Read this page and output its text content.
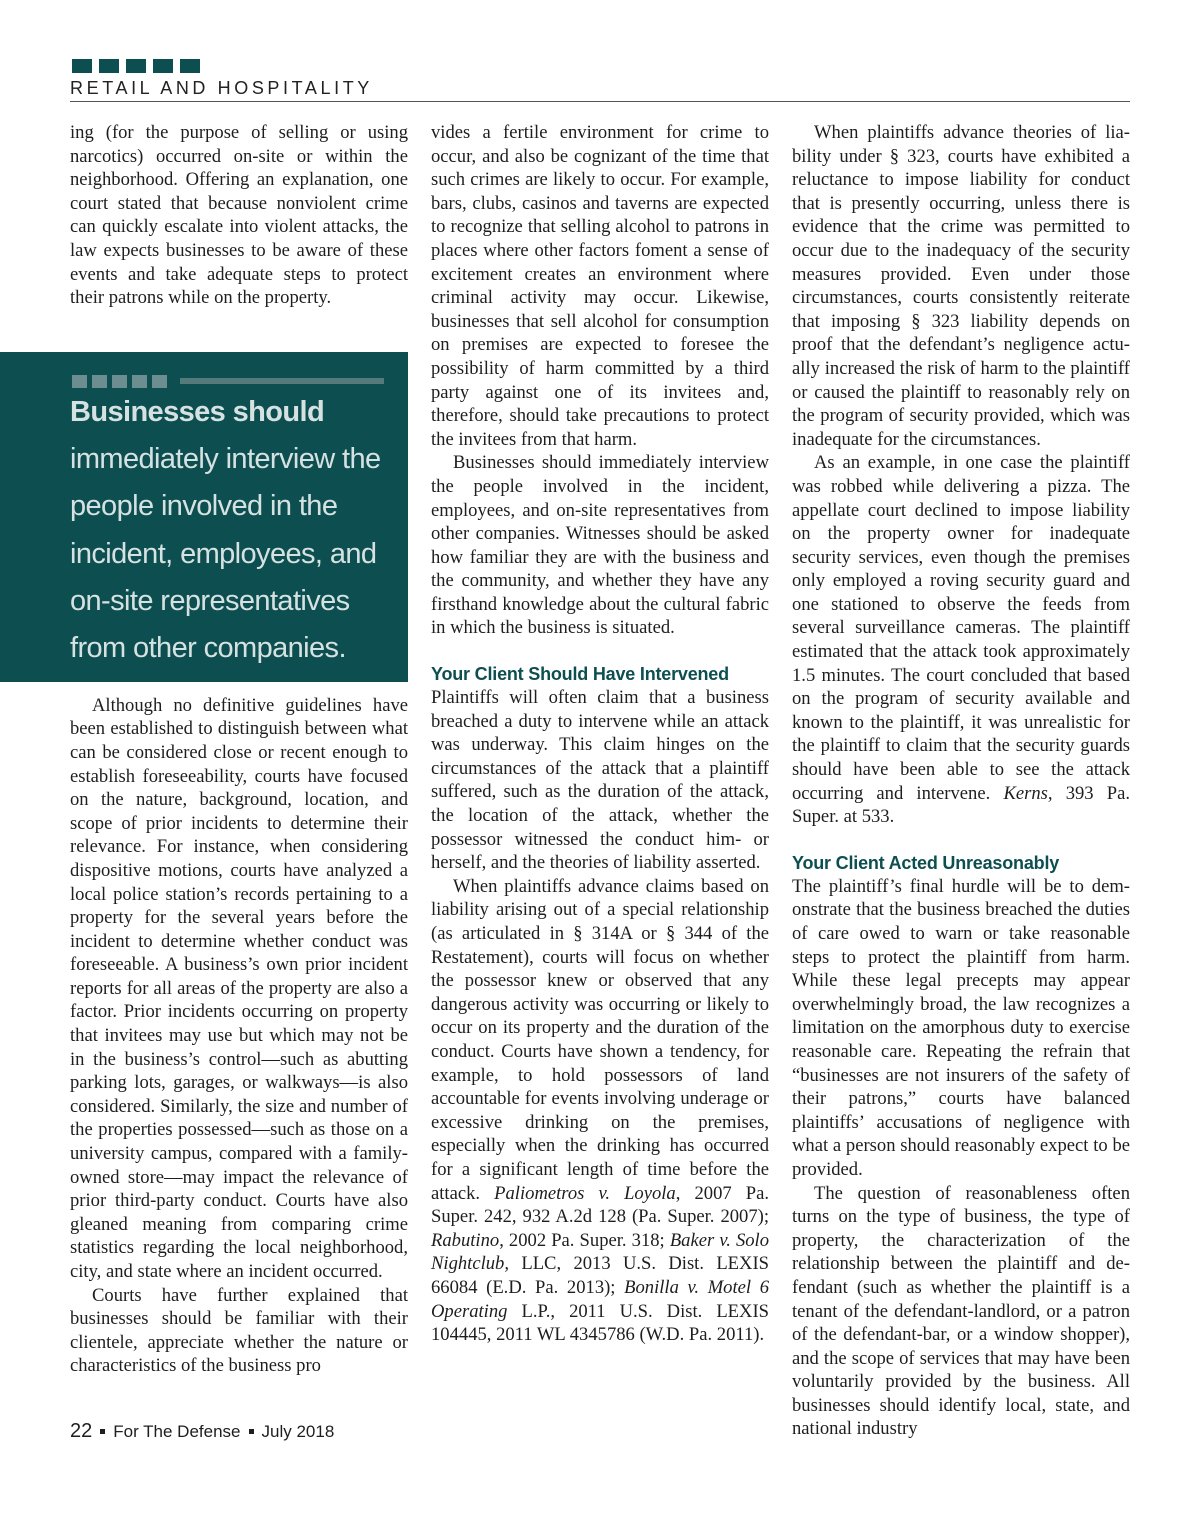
RETAIL AND HOSPITALITY

ing (for the purpose of selling or using narcotics) occurred on-site or within the neighborhood. Offering an explanation, one court stated that because nonviolent crime can quickly escalate into violent attacks, the law expects businesses to be aware of these events and take adequate steps to protect their patrons while on the property.

Although no definitive guidelines have been established to distinguish between what can be considered close or recent enough to establish foreseeability, courts have focused on the nature, background, location, and scope of prior incidents to determine their relevance. For instance, when considering dispositive motions, courts have analyzed a local police station’s records pertaining to a property for the several years before the incident to determine whether conduct was foreseeable. A business’s own prior incident reports for all areas of the property are also a factor. Prior incidents occurring on property that invitees may use but which may not be in the business’s control—such as abutting parking lots, garages, or walkways—is also considered. Similarly, the size and number of the properties possessed—such as those on a university campus, compared with a family-owned store—may impact the relevance of prior third-party conduct. Courts have also gleaned meaning from comparing crime statistics regarding the local neighborhood, city, and state where an incident occurred.

Courts have further explained that businesses should be familiar with their clientele, appreciate whether the nature or characteristics of the business pro

Businesses should
immediately interview the people involved in the incident, employees, and on-site representatives from other companies.

vides a fertile environment for crime to occur, and also be cognizant of the time that such crimes are likely to occur. For example, bars, clubs, casinos and taverns are expected to recognize that selling alcohol to patrons in places where other factors foment a sense of excitement creates an environment where criminal activity may occur. Likewise, businesses that sell alcohol for consumption on premises are expected to foresee the possibility of harm committed by a third party against one of its invitees and, therefore, should take precautions to protect the invitees from that harm.

Businesses should immediately interview the people involved in the incident, employees, and on-site representatives from other companies. Witnesses should be asked how familiar they are with the business and the community, and whether they have any firsthand knowledge about the cultural fabric in which the business is situated.

Your Client Should Have Intervened

Plaintiffs will often claim that a business breached a duty to intervene while an attack was underway. This claim hinges on the circumstances of the attack that a plaintiff suffered, such as the duration of the attack, the location of the attack, whether the possessor witnessed the conduct him- or herself, and the theories of liability asserted.

When plaintiffs advance claims based on liability arising out of a special relationship (as articulated in § 314A or § 344 of the Restatement), courts will focus on whether the possessor knew or observed that any dangerous activity was occurring or likely to occur on its property and the duration of the conduct. Courts have shown a tendency, for example, to hold possessors of land accountable for events involving underage or excessive drinking on the premises, especially when the drinking has occurred for a significant length of time before the attack. Paliometros v. Loyola, 2007 Pa. Super. 242, 932 A.2d 128 (Pa. Super. 2007); Rabutino, 2002 Pa. Super. 318; Baker v. Solo Nightclub, LLC, 2013 U.S. Dist. LEXIS 66084 (E.D. Pa. 2013); Bonilla v. Motel 6 Operating L.P., 2011 U.S. Dist. LEXIS 104445, 2011 WL 4345786 (W.D. Pa. 2011).

When plaintiffs advance theories of liability under § 323, courts have exhibited a reluctance to impose liability for conduct that is presently occurring, unless there is evidence that the crime was permitted to occur due to the inadequacy of the security measures provided. Even under those circumstances, courts consistently reiterate that imposing § 323 liability depends on proof that the defendant’s negligence actually increased the risk of harm to the plaintiff or caused the plaintiff to reasonably rely on the program of security provided, which was inadequate for the circumstances.

As an example, in one case the plaintiff was robbed while delivering a pizza. The appellate court declined to impose liability on the property owner for inadequate security services, even though the premises only employed a roving security guard and one stationed to observe the feeds from several surveillance cameras. The plaintiff estimated that the attack took approximately 1.5 minutes. The court concluded that based on the program of security available and known to the plaintiff, it was unrealistic for the plaintiff to claim that the security guards should have been able to see the attack occurring and intervene. Kerns, 393 Pa. Super. at 533.

Your Client Acted Unreasonably

The plaintiff’s final hurdle will be to demonstrate that the business breached the duties of care owed to warn or take reasonable steps to protect the plaintiff from harm. While these legal precepts may appear overwhelmingly broad, the law recognizes a limitation on the amorphous duty to exercise reasonable care. Repeating the refrain that “businesses are not insurers of the safety of their patrons,” courts have balanced plaintiffs’ accusations of negligence with what a person should reasonably expect to be provided.

The question of reasonableness often turns on the type of business, the type of property, the characterization of the relationship between the plaintiff and defendant (such as whether the plaintiff is a tenant of the defendant-landlord, or a patron of the defendant-bar, or a window shopper), and the scope of services that may have been voluntarily provided by the business. All businesses should identify local, state, and national industry

22 For The Defense July 2018
